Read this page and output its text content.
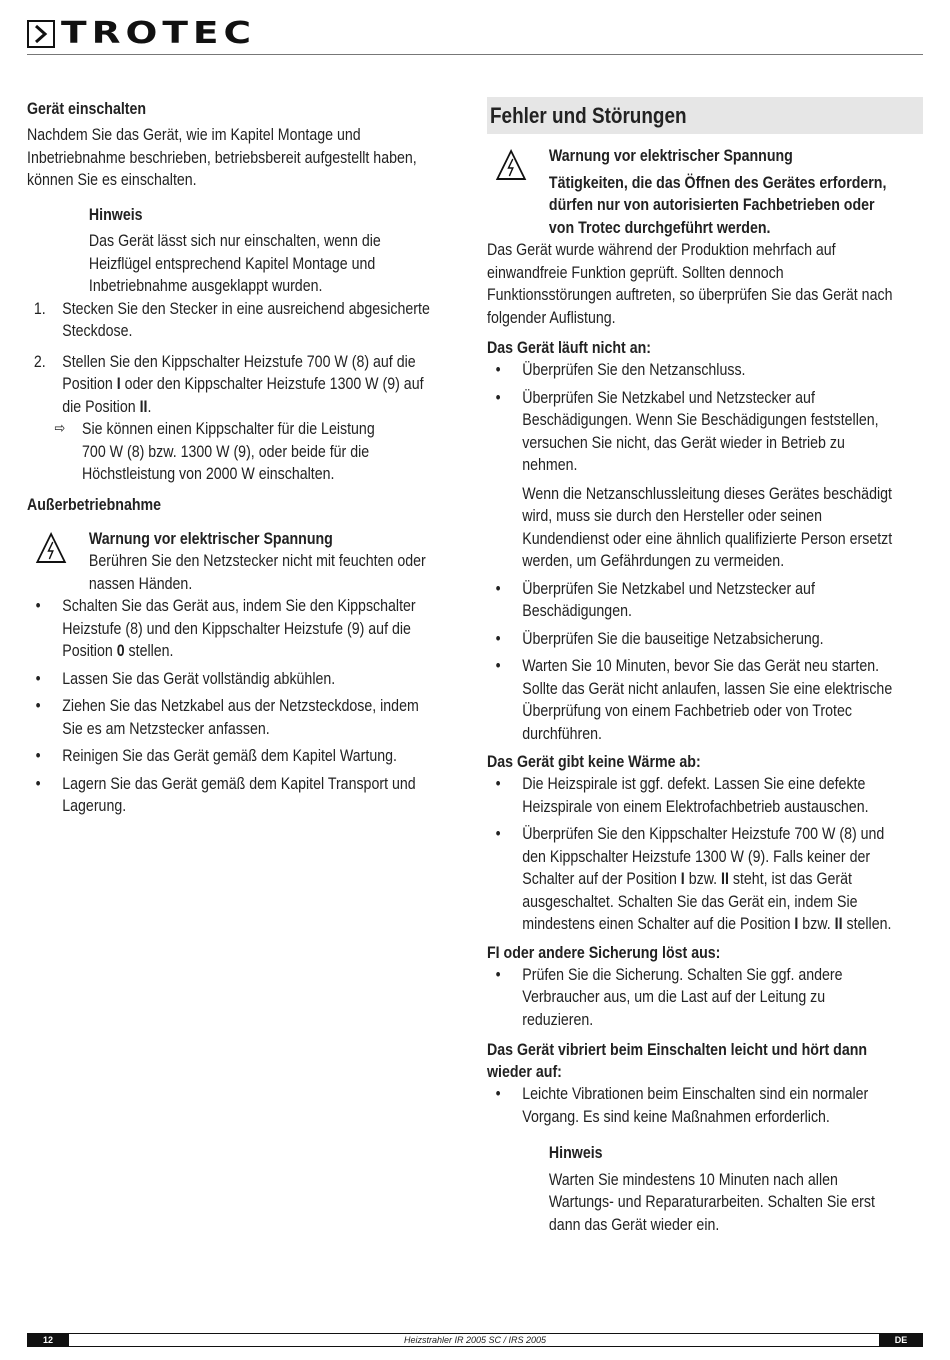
TROTEC
Gerät einschalten

Nachdem Sie das Gerät, wie im Kapitel Montage und
Inbetriebnahme beschrieben, betriebsbereit aufgestellt haben,
können Sie es einschalten.

Hinweis
Das Gerät lässt sich nur einschalten, wenn die
Heizflügel entsprechend Kapitel Montage und
Inbetriebnahme ausgeklappt wurden.
1. Stecken Sie den Stecker in eine ausreichend abgesicherte
Steckdose.
2. Stellen Sie den Kippschalter Heizstufe 700 W (8) auf die
Position I oder den Kippschalter Heizstufe 1300 W (9) auf
die Position II.
⇨ Sie können einen Kippschalter für die Leistung
700 W (8) bzw. 1300 W (9), oder beide für die
Höchstleistung von 2000 W einschalten.
Außerbetriebnahme
Warnung vor elektrischer Spannung
Berühren Sie den Netzstecker nicht mit feuchten oder
nassen Händen.
• Schalten Sie das Gerät aus, indem Sie den Kippschalter
Heizstufe (8) und den Kippschalter Heizstufe (9) auf die
Position 0 stellen.
• Lassen Sie das Gerät vollständig abkühlen.
• Ziehen Sie das Netzkabel aus der Netzsteckdose, indem
Sie es am Netzstecker anfassen.
• Reinigen Sie das Gerät gemäß dem Kapitel Wartung.
• Lagern Sie das Gerät gemäß dem Kapitel Transport und
Lagerung.
Fehler und Störungen
Warnung vor elektrischer Spannung
Tätigkeiten, die das Öffnen des Gerätes erfordern,
dürfen nur von autorisierten Fachbetrieben oder
von Trotec durchgeführt werden.

Das Gerät wurde während der Produktion mehrfach auf
einwandfreie Funktion geprüft. Sollten dennoch
Funktionsstörungen auftreten, so überprüfen Sie das Gerät nach
folgender Auflistung.

Das Gerät läuft nicht an:
• Überprüfen Sie den Netzanschluss.
• Überprüfen Sie Netzkabel und Netzstecker auf
Beschädigungen. Wenn Sie Beschädigungen feststellen,
versuchen Sie nicht, das Gerät wieder in Betrieb zu
nehmen.
Wenn die Netzanschlussleitung dieses Gerätes beschädigt
wird, muss sie durch den Hersteller oder seinen
Kundendienst oder eine ähnlich qualifizierte Person ersetzt
werden, um Gefährdungen zu vermeiden.
• Überprüfen Sie Netzkabel und Netzstecker auf
Beschädigungen.
• Überprüfen Sie die bauseitige Netzabsicherung.
• Warten Sie 10 Minuten, bevor Sie das Gerät neu starten.
Sollte das Gerät nicht anlaufen, lassen Sie eine elektrische
Überprüfung von einem Fachbetrieb oder von Trotec
durchführen.
Das Gerät gibt keine Wärme ab:
• Die Heizspirale ist ggf. defekt. Lassen Sie eine defekte
Heizspirale von einem Elektrofachbetrieb austauschen.
• Überprüfen Sie den Kippschalter Heizstufe 700 W (8) und
den Kippschalter Heizstufe 1300 W (9). Falls keiner der
Schalter auf der Position I bzw. II steht, ist das Gerät
ausgeschaltet. Schalten Sie das Gerät ein, indem Sie
mindestens einen Schalter auf die Position I bzw. II stellen.
FI oder andere Sicherung löst aus:
• Prüfen Sie die Sicherung. Schalten Sie ggf. andere
Verbraucher aus, um die Last auf der Leitung zu
reduzieren.
Das Gerät vibriert beim Einschalten leicht und hört dann
wieder auf:
• Leichte Vibrationen beim Einschalten sind ein normaler
Vorgang. Es sind keine Maßnahmen erforderlich.
Hinweis
Warten Sie mindestens 10 Minuten nach allen
Wartungs- und Reparaturarbeiten. Schalten Sie erst
dann das Gerät wieder ein.
12	Heizstrahler IR 2005 SC / IRS 2005	DE
